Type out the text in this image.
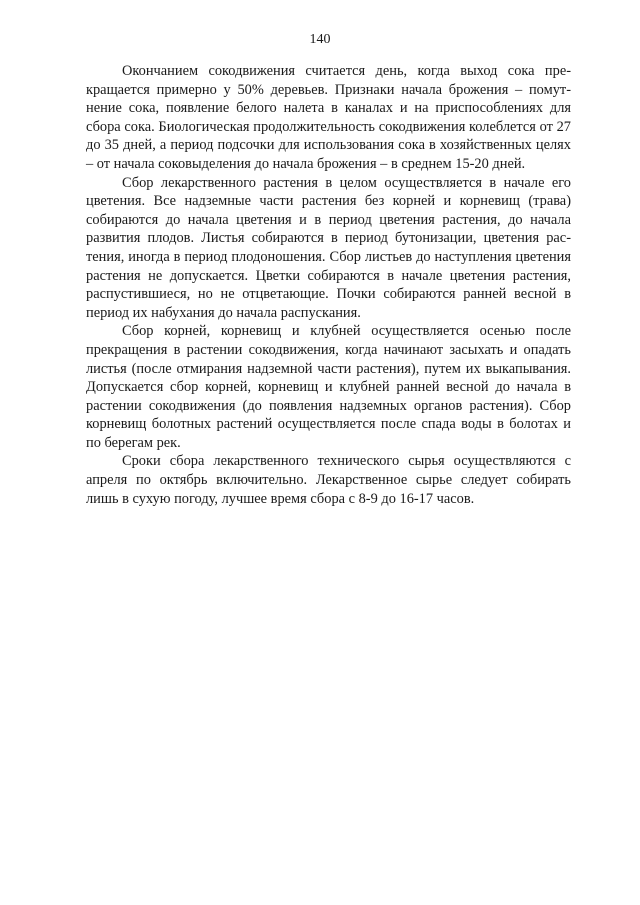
140

Окончанием сокодвижения считается день, когда выход сока прекращается примерно у 50% деревьев. Признаки начала брожения – помутнение сока, появление белого налета в каналах и на приспособлениях для сбора сока. Биологическая продолжительность сокодвижения колеблется от 27 до 35 дней, а период подсочки для использования сока в хозяйственных целях – от начала соковыделения до начала брожения – в среднем 15-20 дней.

Сбор лекарственного растения в целом осуществляется в начале его цветения. Все надземные части растения без корней и корневищ (трава) собираются до начала цветения и в период цветения растения, до начала развития плодов. Листья собираются в период бутонизации, цветения растения, иногда в период плодоношения. Сбор листьев до наступления цветения растения не допускается. Цветки собираются в начале цветения растения, распустившиеся, но не отцветающие. Почки собираются ранней весной в период их набухания до начала распускания.

Сбор корней, корневищ и клубней осуществляется осенью после прекращения в растении сокодвижения, когда начинают засыхать и опадать листья (после отмирания надземной части растения), путем их выкапывания. Допускается сбор корней, корневищ и клубней ранней весной до начала в растении сокодвижения (до появления надземных органов растения). Сбор корневищ болотных растений осуществляется после спада воды в болотах и по берегам рек.

Сроки сбора лекарственного технического сырья осуществляются с апреля по октябрь включительно. Лекарственное сырье следует собирать лишь в сухую погоду, лучшее время сбора с 8-9 до 16-17 часов.
